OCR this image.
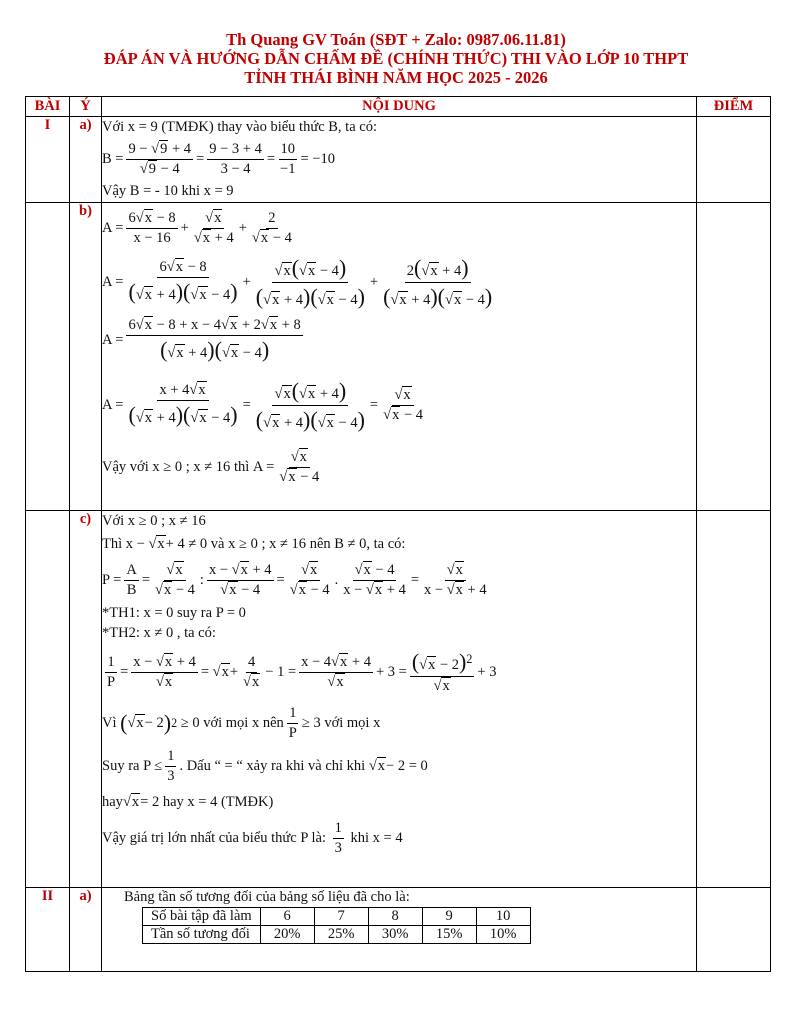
Th Quang GV Toán (SĐT + Zalo: 0987.06.11.81)
ĐÁP ÁN VÀ HƯỚNG DẪN CHẤM ĐỀ (CHÍNH THỨC) THI VÀO LỚP 10 THPT
TỈNH THÁI BÌNH NĂM HỌC 2025 - 2026
BÀI	Ý	NỘI DUNG	ĐIỂM
I	a)	Với x = 9 (TMĐK) thay vào biểu thức B, ta có:
B =
9 − √9 + 4
√9 − 4
=
9 − 3 + 4
3 − 4
=
10
−1
= −10
Vậy B = - 10 khi x = 9

	b)	
A =
6√x − 8
x − 16
+
√x
√x + 4
+
2
√x − 4
A =
6√x − 8
(√x + 4)(√x − 4) +
√x(√x − 4)
(√x + 4)(√x − 4)
+
2(√x + 4)
(√x + 4)(√x − 4)
A =
6√x − 8 + x − 4√x + 2√x + 8
(√x + 4)(√x − 4)
A =
x + 4√x
(√x + 4)(√x − 4) =
√x(√x + 4)
(√x + 4)(√x − 4)
=
√x
√x − 4
Vậy với x ≥ 0 ; x ≠ 16 thì A =
√x
√x − 4

	c)	Với x ≥ 0 ; x ≠ 16
Thì x − √ x + 4 ≠ 0 và x ≥ 0 ; x ≠ 16 nên B ≠ 0 , ta có:
P =
A
B
=
√x
√x − 4
:
x − √x + 4
√x − 4
=
√x
√x − 4
.
√x − 4
x − √x + 4
=
√x
x − √x + 4
*TH1: x = 0 suy ra P = 0
*TH2: x ≠ 0 , ta có:
1
P
=
x − √x + 4
√x
= √ x +
4
√x
− 1 =
x − 4√x + 4
√x
+ $3 = (√x - 2)^2$
√x
+ 3
Vì
( √ x − 2 ) 2 ≥ 0 với mọi x nên
1
P
≥ 3 với mọi x
Suy ra P ≤
1
3
. Dấu “ = “ xảy ra khi và chỉ khi √ x − 2 = 0
hay √ x = 2 hay x = 4 (TMĐK)
Vậy giá trị lớn nhất của biểu thức P là:

1
3

khi x = 4

II	a)	Bảng tần số tương đối của bảng số liệu đã cho là:
Số bài tập đã làm	6	7	8	9	10
Tần số tương đối	20%	25%	30%	15%	10%
